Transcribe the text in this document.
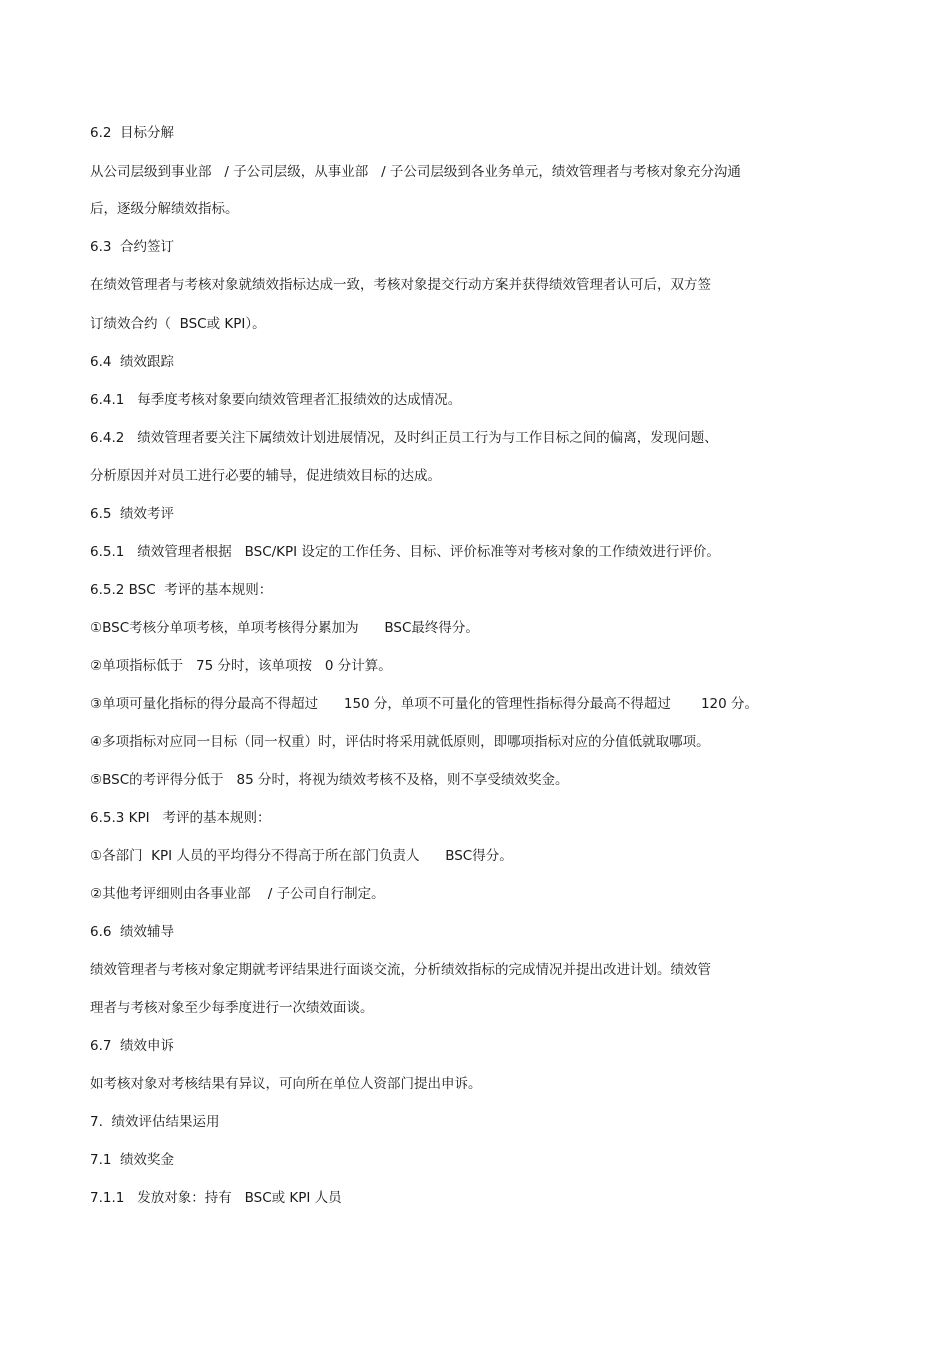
6.2  目标分解
从公司层级到事业部   / 子公司层级，从事业部   / 子公司层级到各业务单元，绩效管理者与考核对象充分沟通
后，逐级分解绩效指标。
6.3  合约签订
在绩效管理者与考核对象就绩效指标达成一致，考核对象提交行动方案并获得绩效管理者认可后，双方签
订绩效合约（  BSC或 KPI）。
6.4  绩效跟踪
6.4.1   每季度考核对象要向绩效管理者汇报绩效的达成情况。
6.4.2   绩效管理者要关注下属绩效计划进展情况，及时纠正员工行为与工作目标之间的偏离，发现问题、
分析原因并对员工进行必要的辅导，促进绩效目标的达成。
6.5  绩效考评
6.5.1   绩效管理者根据   BSC/KPI 设定的工作任务、目标、评价标准等对考核对象的工作绩效进行评价。
6.5.2 BSC  考评的基本规则：
①BSC考核分单项考核，单项考核得分累加为      BSC最终得分。
②单项指标低于   75 分时，该单项按   0 分计算。
③单项可量化指标的得分最高不得超过      150 分，单项不可量化的管理性指标得分最高不得超过       120 分。
④多项指标对应同一目标（同一权重）时，评估时将采用就低原则，即哪项指标对应的分值低就取哪项。
⑤BSC的考评得分低于   85 分时，将视为绩效考核不及格，则不享受绩效奖金。
6.5.3 KPI   考评的基本规则：
①各部门  KPI 人员的平均得分不得高于所在部门负责人      BSC得分。
②其他考评细则由各事业部    / 子公司自行制定。
6.6  绩效辅导
绩效管理者与考核对象定期就考评结果进行面谈交流，分析绩效指标的完成情况并提出改进计划。绩效管
理者与考核对象至少每季度进行一次绩效面谈。
6.7  绩效申诉
如考核对象对考核结果有异议，可向所在单位人资部门提出申诉。
7.  绩效评估结果运用
7.1  绩效奖金
7.1.1   发放对象：持有   BSC或 KPI 人员
